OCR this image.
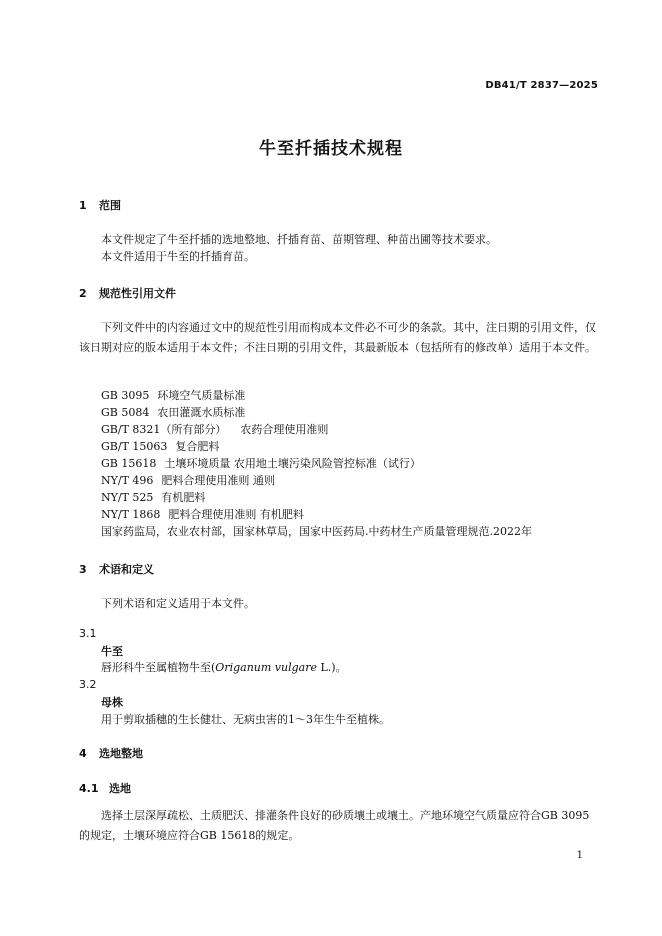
DB41/T 2837—2025
牛至扦插技术规程
1 范围
本文件规定了牛至扦插的选地整地、扦插育苗、苗期管理、种苗出圃等技术要求。
本文件适用于牛至的扦插育苗。
2 规范性引用文件
下列文件中的内容通过文中的规范性引用而构成本文件必不可少的条款。其中，注日期的引用文件，仅该日期对应的版本适用于本文件；不注日期的引用文件，其最新版本（包括所有的修改单）适用于本文件。
GB 3095 环境空气质量标准
GB 5084 农田灌溉水质标准
GB/T 8321（所有部分） 农药合理使用准则
GB/T 15063 复合肥料
GB 15618 土壤环境质量 农用地土壤污染风险管控标准（试行）
NY/T 496 肥料合理使用准则 通则
NY/T 525 有机肥料
NY/T 1868 肥料合理使用准则 有机肥料
国家药监局，农业农村部，国家林草局，国家中医药局.中药材生产质量管理规范.2022年
3 术语和定义
下列术语和定义适用于本文件。
3.1
牛至
唇形科牛至属植物牛至(Origanum vulgare L.)。
3.2
母株
用于剪取插穗的生长健壮、无病虫害的1～3年生牛至植株。
4 选地整地
4.1 选地
选择土层深厚疏松、土质肥沃、排灌条件良好的砂质壤土或壤土。产地环境空气质量应符合GB 3095的规定，土壤环境应符合GB 15618的规定。
1
